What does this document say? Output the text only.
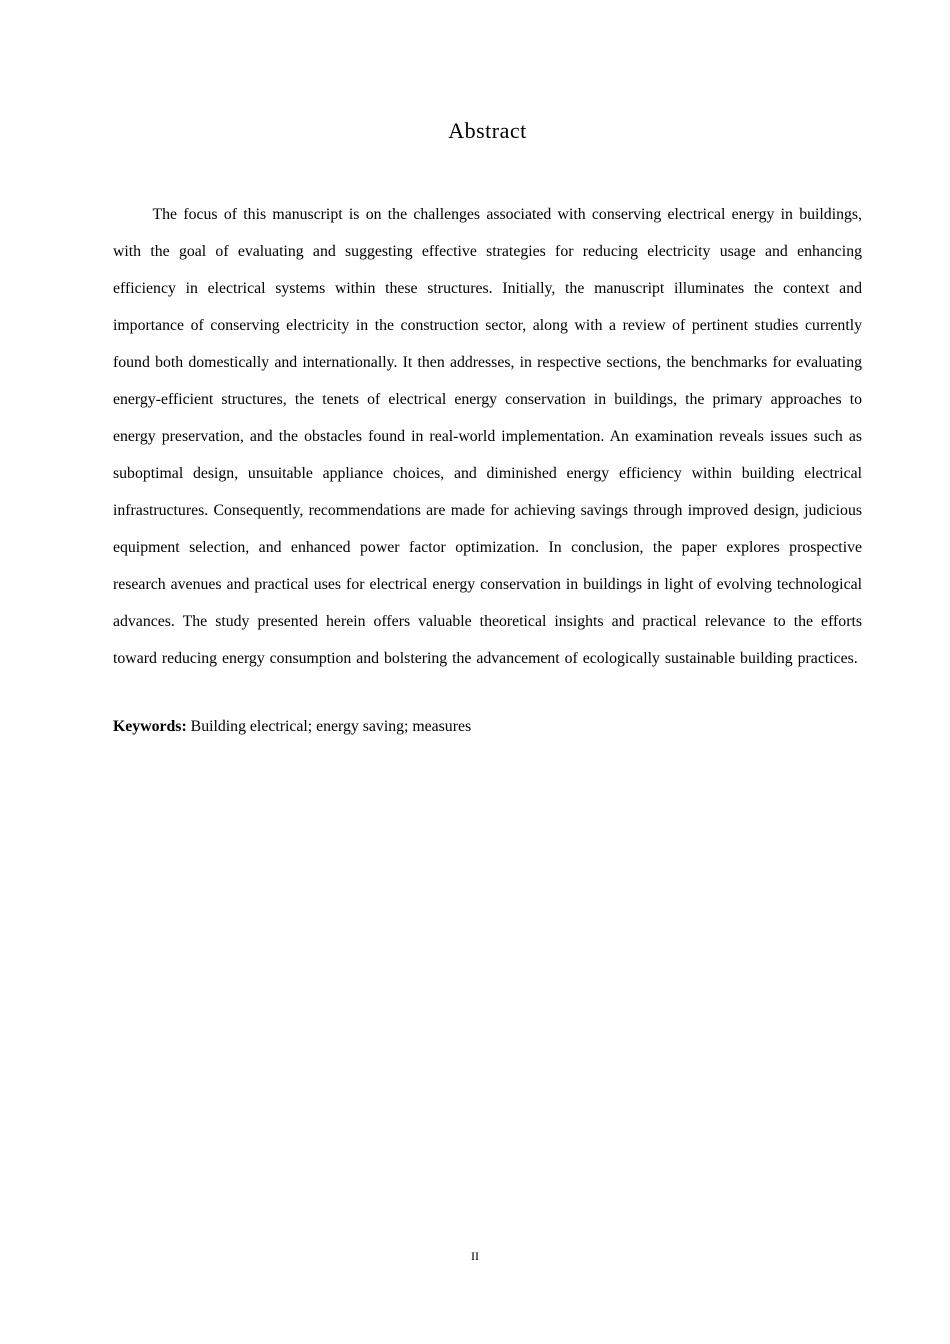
Abstract

The focus of this manuscript is on the challenges associated with conserving electrical energy in buildings, with the goal of evaluating and suggesting effective strategies for reducing electricity usage and enhancing efficiency in electrical systems within these structures. Initially, the manuscript illuminates the context and importance of conserving electricity in the construction sector, along with a review of pertinent studies currently found both domestically and internationally. It then addresses, in respective sections, the benchmarks for evaluating energy-efficient structures, the tenets of electrical energy conservation in buildings, the primary approaches to energy preservation, and the obstacles found in real-world implementation. An examination reveals issues such as suboptimal design, unsuitable appliance choices, and diminished energy efficiency within building electrical infrastructures. Consequently, recommendations are made for achieving savings through improved design, judicious equipment selection, and enhanced power factor optimization. In conclusion, the paper explores prospective research avenues and practical uses for electrical energy conservation in buildings in light of evolving technological advances. The study presented herein offers valuable theoretical insights and practical relevance to the efforts toward reducing energy consumption and bolstering the advancement of ecologically sustainable building practices.

Keywords: Building electrical; energy saving; measures

II
